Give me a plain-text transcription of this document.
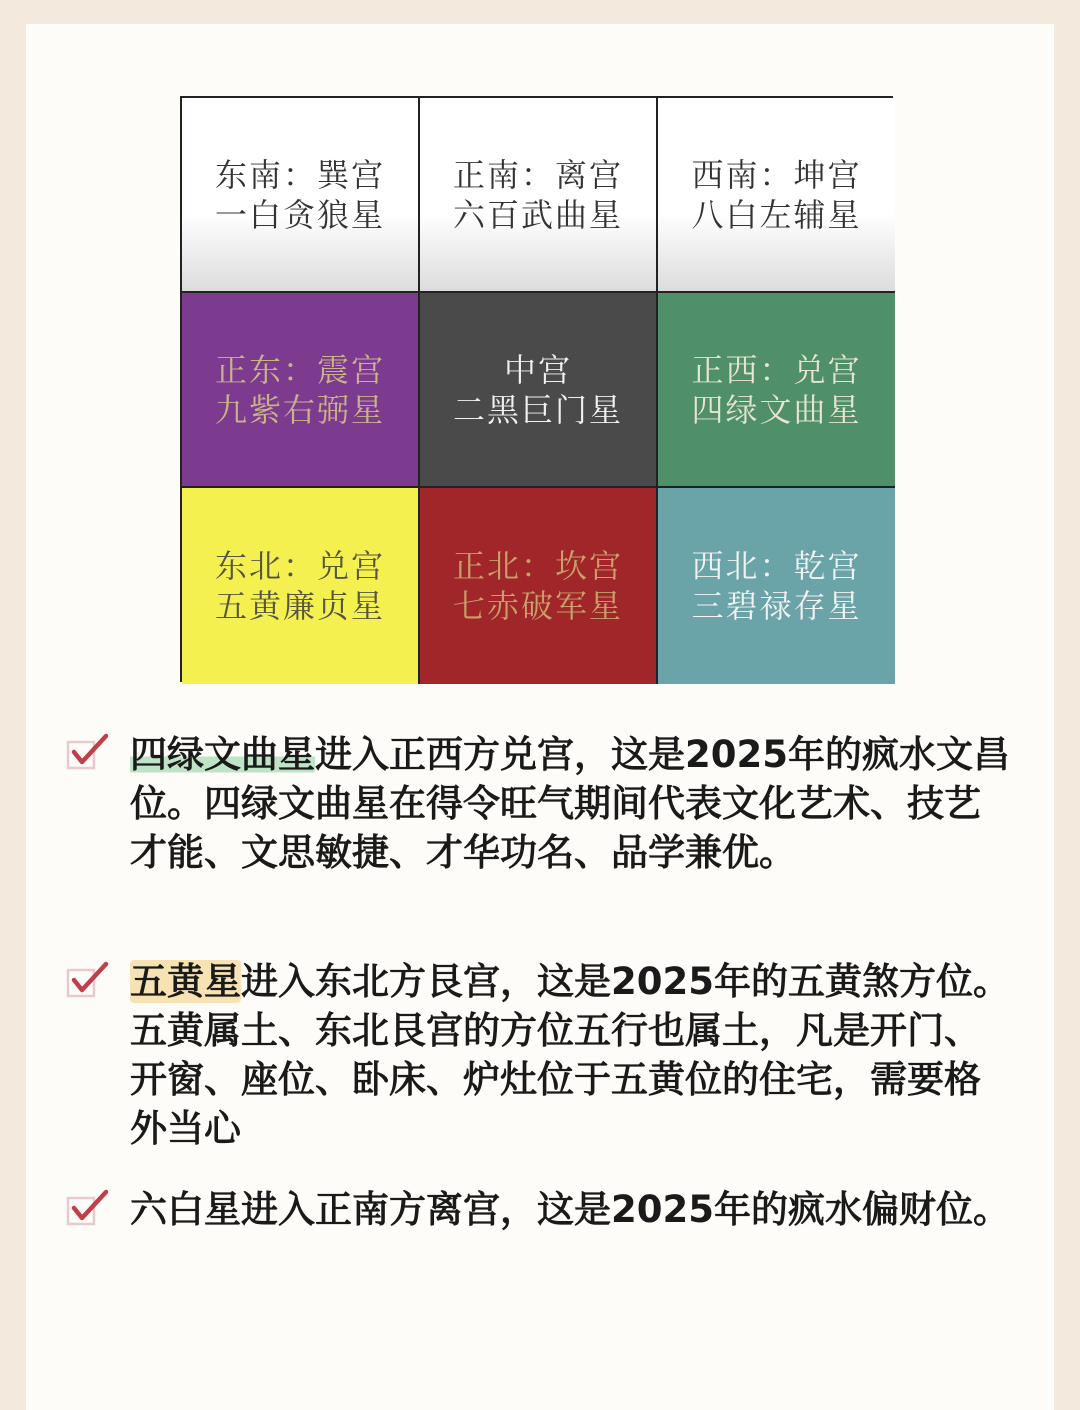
东南：巽宫
一白贪狼星
正南：离宫
六百武曲星
西南：坤宫
八白左辅星
正东：震宫
九紫右弼星
中宫
二黑巨门星
正西：兑宫
四绿文曲星
东北：兑宫
五黄廉贞星
正北：坎宫
七赤破军星
西北：乾宫
三碧禄存星
四绿文曲星进入正西方兑宫，这是2025年的疯水文昌位。四绿文曲星在得令旺气期间代表文化艺术、技艺才能、文思敏捷、才华功名、品学兼优。
五黄星进入东北方艮宫，这是2025年的五黄煞方位。五黄属土、东北艮宫的方位五行也属土，凡是开门、开窗、座位、卧床、炉灶位于五黄位的住宅，需要格外当心
六白星进入正南方离宫，这是2025年的疯水偏财位。
